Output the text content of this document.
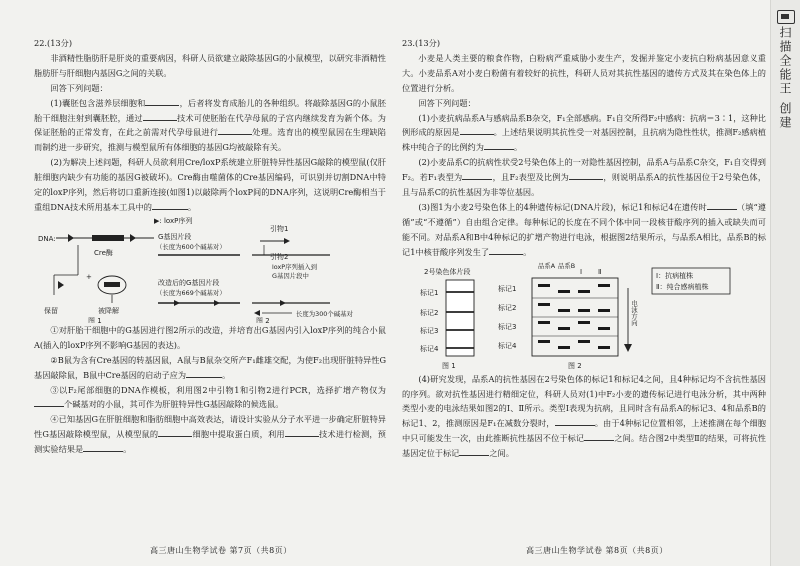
22.(13分)

非酒精性脂肪肝是肝炎的重要病因，科研人员欲建立敲除基因G的小鼠模型，以研究非酒精性脂肪肝与肝细胞内基因G之间的关联。

回答下列问题：

(1)囊胚包含滋养层细胞和	，后者将发育成胎儿的各种组织。将敲除基因G的小鼠胚胎干细胞注射到囊胚腔，通过	技术可使胚胎在代孕母鼠的子宫内继续发育为新个体。为保证胚胎的正常发育，在此之前需对代孕母鼠进行	处理。选育出的模型鼠因在生理缺陷而制约进一步研究，推测与模型鼠所有体细胞的基因G均被敲除有关。

(2)为解决上述问题，科研人员欲利用Cre/loxP系统建立肝脏特异性基因G敲除的模型鼠(仅肝脏细胞内缺少有功能的基因G被破坏)。Cre酶由噬菌体的Cre基因编码，可识别并切割DNA中特定的loxP序列，然后将切口重新连接(如图1)以敲除两个loxP间的DNA序列，这说明Cre酶相当于重组DNA技术所用基本工具中的	。

▶: loxP序列
DNA:
Cre酶
保留
+
被降解
图 1
G基因片段
（长度为600个碱基对）
引物1
引物2
loxP序列插入到
G基因片段中
改造后的G基因片段
（长度为669个碱基对）
长度为300个碱基对
图 2

①对肝胎干细胞中的G基因进行图2所示的改造，并培育出G基因内引入loxP序列的纯合小鼠A(插入的loxP序列不影响G基因的表达)。

②B鼠为含有Cre基因的转基因鼠，A鼠与B鼠杂交所产F₁雌雄交配，为使F₂出现肝脏特异性G基因敲除鼠，B鼠中Cre基因的启动子应为	。

③以F₂尾部细胞的DNA作模板，利用图2中引物1和引物2进行PCR，选择扩增产物仅为个碱基对的小鼠，其可作为肝脏特异性G基因敲除的候选鼠。

④已知基因G在肝脏细胞和脂肪细胞中高效表达，请设计实验从分子水平进一步确定肝脏特异性G基因敲除模型鼠，从模型鼠的	细胞中提取蛋白质，利用	技术进行检测，预测实验结果是	。

高三唐山生物学试卷 第7页（共8页）

23.(13分)

小麦是人类主要的粮食作物，白粉病严重威胁小麦生产，发掘并鉴定小麦抗白粉病基因意义重大。小麦品系A对小麦白粉菌有着较好的抗性，科研人员对其抗性基因的遗传方式及其在染色体上的位置进行分析。

回答下列问题：

(1)小麦抗病品系A与感病品系B杂交，F₁全部感病。F₁自交所得F₂中感病：抗病＝3∶1，这种比例形成的原因是	。上述结果说明其抗性受一对基因控制，且抗病为隐性性状，推测F₂感病植株中纯合子的比例约为	。

(2)小麦品系C的抗病性状受2号染色体上的一对隐性基因控制，品系A与品系C杂交，F₁自交得到F₂。若F₁表型为	，且F₂表型及比例为	，则说明品系A的抗性基因位于2号染色体，且与品系C的抗性基因为非等位基因。

(3)图1为小麦2号染色体上的4种遗传标记(DNA片段)，标记1和标记4在遗传时	（填“遵循”或“不遵循”）自由组合定律。每种标记的长度在不同个体中同一段核苷酸序列的插入或缺失而可能不同。对品系A和B中4种标记的扩增产物进行电泳，根据图2结果所示，与品系A相比，品系B的标记1中核苷酸序列发生了	。

2号染色体片段
标记1
标记2
标记3
标记4
图 1
品系A 品系B
Ⅰ Ⅱ
标记1
标记2
标记3
标记4
电泳方向
Ⅰ：抗病植株
Ⅱ：纯合感病植株
图 2

(4)研究发现，品系A的抗性基因在2号染色体的标记1和标记4之间，且4种标记均不含抗性基因的序列。欲对抗性基因进行精细定位，科研人员对(1)中F₂小麦的遗传标记进行电泳分析，其中两种类型小麦的电泳结果如图2的Ⅰ、Ⅱ所示。类型Ⅰ表现为抗病，且同时含有品系A的标记3、4和品系B的标记1、2，推测原因是F₁在减数分裂时，	。由于4种标记位置相邻，上述推测在每个细胞中只可能发生一次，由此推断抗性基因不位于标记	之间。结合图2中类型Ⅱ的结果，可将抗性基因定位于标记	之间。

高三唐山生物学试卷 第8页（共8页）
扫描全能王 创建
